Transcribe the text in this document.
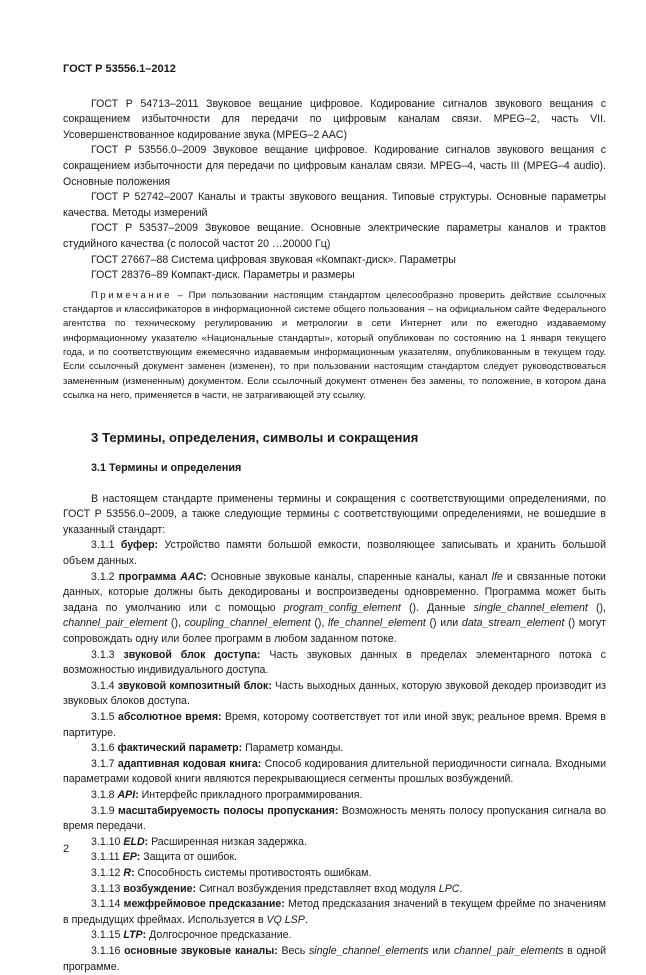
ГОСТ Р 53556.1–2012

ГОСТ Р 54713–2011 Звуковое вещание цифровое. Кодирование сигналов звукового вещания с сокращением избыточности для передачи по цифровым каналам связи. MPEG–2, часть VII. Усовершенствованное кодирование звука (MPEG–2 AAC)

ГОСТ Р 53556.0–2009 Звуковое вещание цифровое. Кодирование сигналов звукового вещания с сокращением избыточности для передачи по цифровым каналам связи. MPEG–4, часть III (MPEG–4 audio). Основные положения

ГОСТ Р 52742–2007 Каналы и тракты звукового вещания. Типовые структуры. Основные параметры качества. Методы измерений

ГОСТ Р 53537–2009 Звуковое вещание. Основные электрические параметры каналов и трактов студийного качества (с полосой частот 20 …20000 Гц)

ГОСТ 27667–88 Система цифровая звуковая «Компакт-диск». Параметры

ГОСТ 28376–89 Компакт-диск. Параметры и размеры

Примечание – При пользовании настоящим стандартом целесообразно проверить действие ссылочных стандартов и классификаторов в информационной системе общего пользования – на официальном сайте Федерального агентства по техническому регулированию и метрологии в сети Интернет или по ежегодно издаваемому информационному указателю «Национальные стандарты», который опубликован по состоянию на 1 января текущего года, и по соответствующим ежемесячно издаваемым информационным указателям, опубликованным в текущем году. Если ссылочный документ заменен (изменен), то при пользовании настоящим стандартом следует руководствоваться замененным (измененным) документом. Если ссылочный документ отменен без замены, то положение, в котором дана ссылка на него, применяется в части, не затрагивающей эту ссылку.

3 Термины, определения, символы и сокращения
3.1 Термины и определения

В настоящем стандарте применены термины и сокращения с соответствующими определениями, по ГОСТ Р 53556.0–2009, а также следующие термины с соответствующими определениями, не вошедшие в указанный стандарт:

3.1.1 буфер: Устройство памяти большой емкости, позволяющее записывать и хранить большой объем данных.

3.1.2 программа AAC: Основные звуковые каналы, спаренные каналы, канал lfe и связанные потоки данных, которые должны быть декодированы и воспроизведены одновременно. Программа может быть задана по умолчанию или с помощью program_config_element (). Данные single_channel_element (), channel_pair_element (), coupling_channel_element (), lfe_channel_element () или data_stream_element () могут сопровождать одну или более программ в любом заданном потоке.

3.1.3 звуковой блок доступа: Часть звуковых данных в пределах элементарного потока с возможностью индивидуального доступа.

3.1.4 звуковой композитный блок: Часть выходных данных, которую звуковой декодер производит из звуковых блоков доступа.

3.1.5 абсолютное время: Время, которому соответствует тот или иной звук; реальное время. Время в партитуре.

3.1.6 фактический параметр: Параметр команды.

3.1.7 адаптивная кодовая книга: Способ кодирования длительной периодичности сигнала. Входными параметрами кодовой книги являются перекрывающиеся сегменты прошлых возбуждений.

3.1.8 API: Интерфейс прикладного программирования.

3.1.9 масштабируемость полосы пропускания: Возможность менять полосу пропускания сигнала во время передачи.

3.1.10 ELD: Расширенная низкая задержка.

3.1.11 EP: Защита от ошибок.

3.1.12 R: Способность системы противостоять ошибкам.

3.1.13 возбуждение: Сигнал возбуждения представляет вход модуля LPC.

3.1.14 межфреймовое предсказание: Метод предсказания значений в текущем фрейме по значениям в предыдущих фреймах. Используется в VQ LSP.

3.1.15 LTP: Долгосрочное предсказание.

3.1.16 основные звуковые каналы: Весь single_channel_elements или channel_pair_elements в одной программе.

2
